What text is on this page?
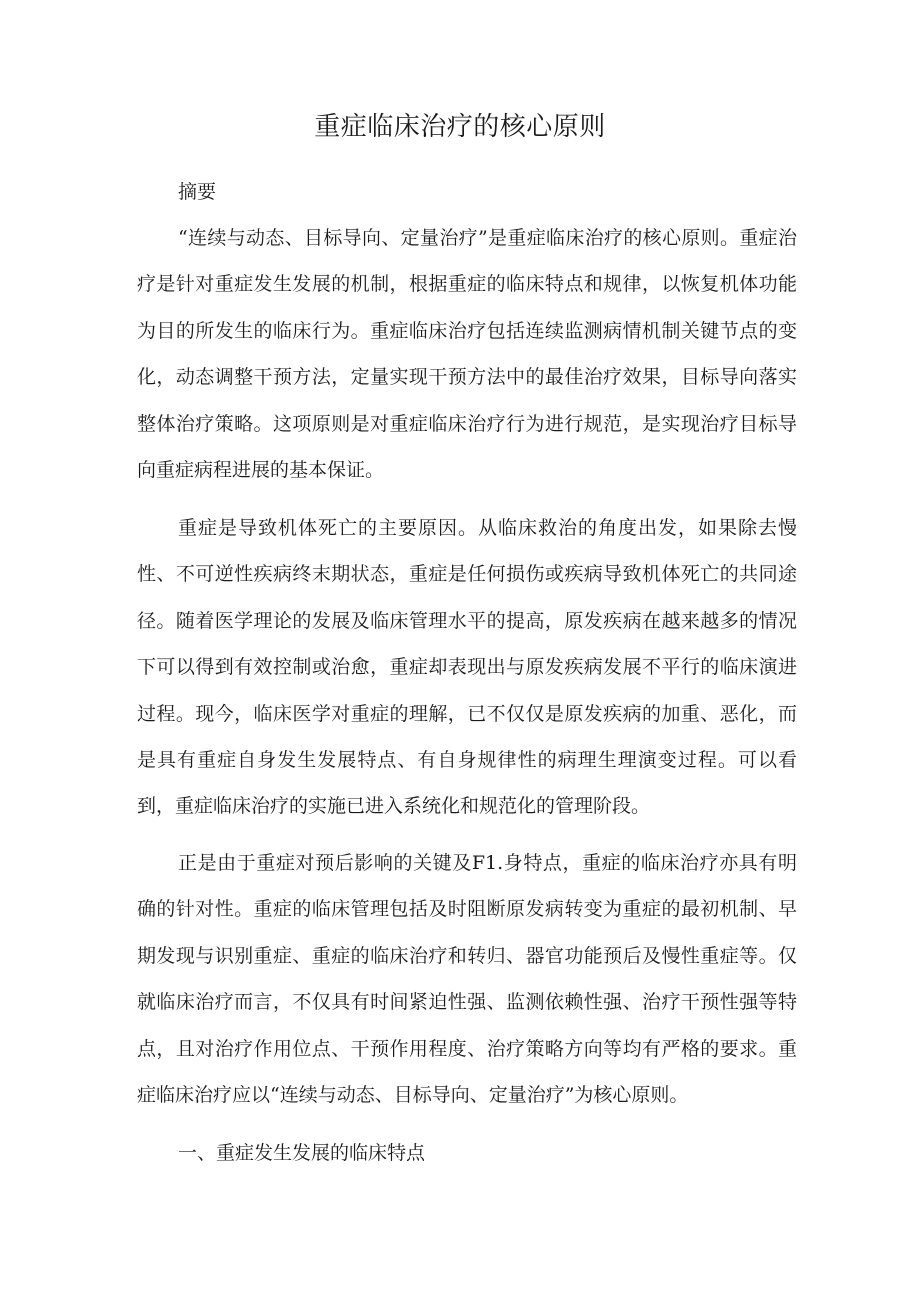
重症临床治疗的核心原则

摘要

“连续与动态、目标导向、定量治疗”是重症临床治疗的核心原则。重症治疗是针对重症发生发展的机制，根据重症的临床特点和规律，以恢复机体功能为目的所发生的临床行为。重症临床治疗包括连续监测病情机制关键节点的变化，动态调整干预方法，定量实现干预方法中的最佳治疗效果，目标导向落实整体治疗策略。这项原则是对重症临床治疗行为进行规范，是实现治疗目标导向重症病程进展的基本保证。

重症是导致机体死亡的主要原因。从临床救治的角度出发，如果除去慢性、不可逆性疾病终末期状态，重症是任何损伤或疾病导致机体死亡的共同途径。随着医学理论的发展及临床管理水平的提高，原发疾病在越来越多的情况下可以得到有效控制或治愈，重症却表现出与原发疾病发展不平行的临床演进过程。现今，临床医学对重症的理解，已不仅仅是原发疾病的加重、恶化，而是具有重症自身发生发展特点、有自身规律性的病理生理演变过程。可以看到，重症临床治疗的实施已进入系统化和规范化的管理阶段。

正是由于重症对预后影响的关键及F1.身特点，重症的临床治疗亦具有明确的针对性。重症的临床管理包括及时阻断原发病转变为重症的最初机制、早期发现与识别重症、重症的临床治疗和转归、器官功能预后及慢性重症等。仅就临床治疗而言，不仅具有时间紧迫性强、监测依赖性强、治疗干预性强等特点，且对治疗作用位点、干预作用程度、治疗策略方向等均有严格的要求。重症临床治疗应以“连续与动态、目标导向、定量治疗”为核心原则。

一、重症发生发展的临床特点
